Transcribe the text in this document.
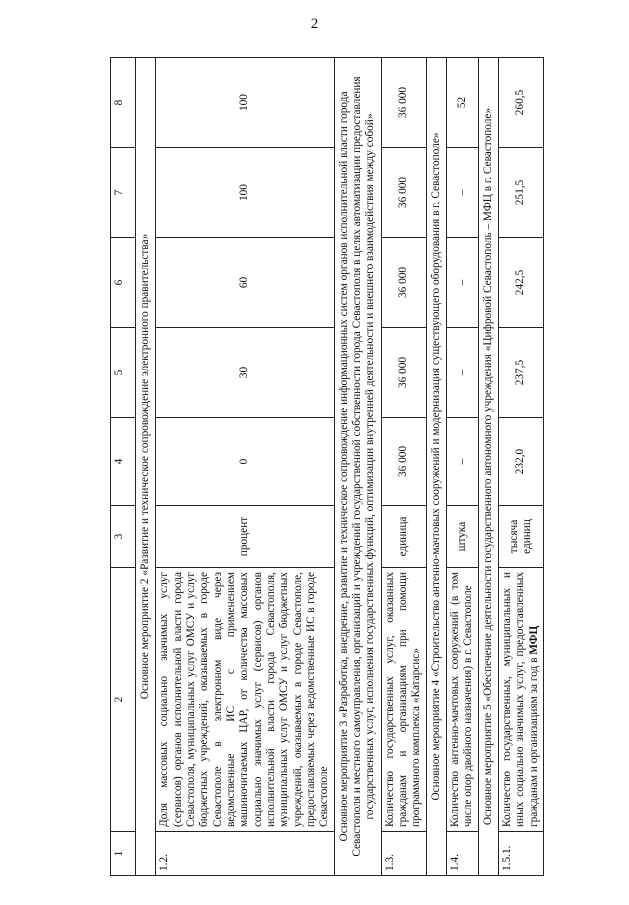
2
1	2	3	4	5	6	7	8
Основное мероприятие 2 «Развитие и техническое сопровождение электронного правительства»							
1.2.	Доля массовых социально значимых услуг (сервисов) органов исполнительной власти города Севастополя, муниципальных услуг ОМСУ и услуг бюджетных учреждений, оказываемых в городе Севастополе в электронном виде через ведомственные ИС с применением машиночитаемых ЦАР, от количества массовых социально значимых услуг (сервисов) органов исполнительной власти города Севастополя, муниципальных услуг ОМСУ и услуг бюджетных учреждений, оказываемых в городе Севастополе, предоставляемых через ведомственные ИС в городе Севастополе	процент	0	30	60	100	100
Основное мероприятие 3 «Разработка, внедрение, развитие и техническое сопровождение информационных систем органов исполнительной власти города Севастополя и местного самоуправления, организаций и учреждений государственной собственности города Севастополя в целях автоматизации предоставления государственных услуг, исполнения государственных функций, оптимизации внутренней деятельности и внешнего взаимодействия между собой»							
1.3.	Количество государственных услуг, оказанных гражданам и организациям при помощи программного комплекса «Катарсис»	единица	36 000	36 000	36 000	36 000	36 000
Основное мероприятие 4 «Строительство антенно-мачтовых сооружений и модернизация существующего оборудования в г. Севастополе»							
1.4.	Количество антенно-мачтовых сооружений (в том числе опор двойного назначения) в г. Севастополе	штука	–	–	–	–	52
Основное мероприятие 5 «Обеспечение деятельности государственного автономного учреждения «Цифровой Севастополь – МФЦ в г. Севастополе»							
1.5.1.	Количество государственных, муниципальных и иных социально значимых услуг, предоставленных гражданам и организациям за год в МФЦ	тысяча единиц	232,0	237,5	242,5	251,5	260,5
